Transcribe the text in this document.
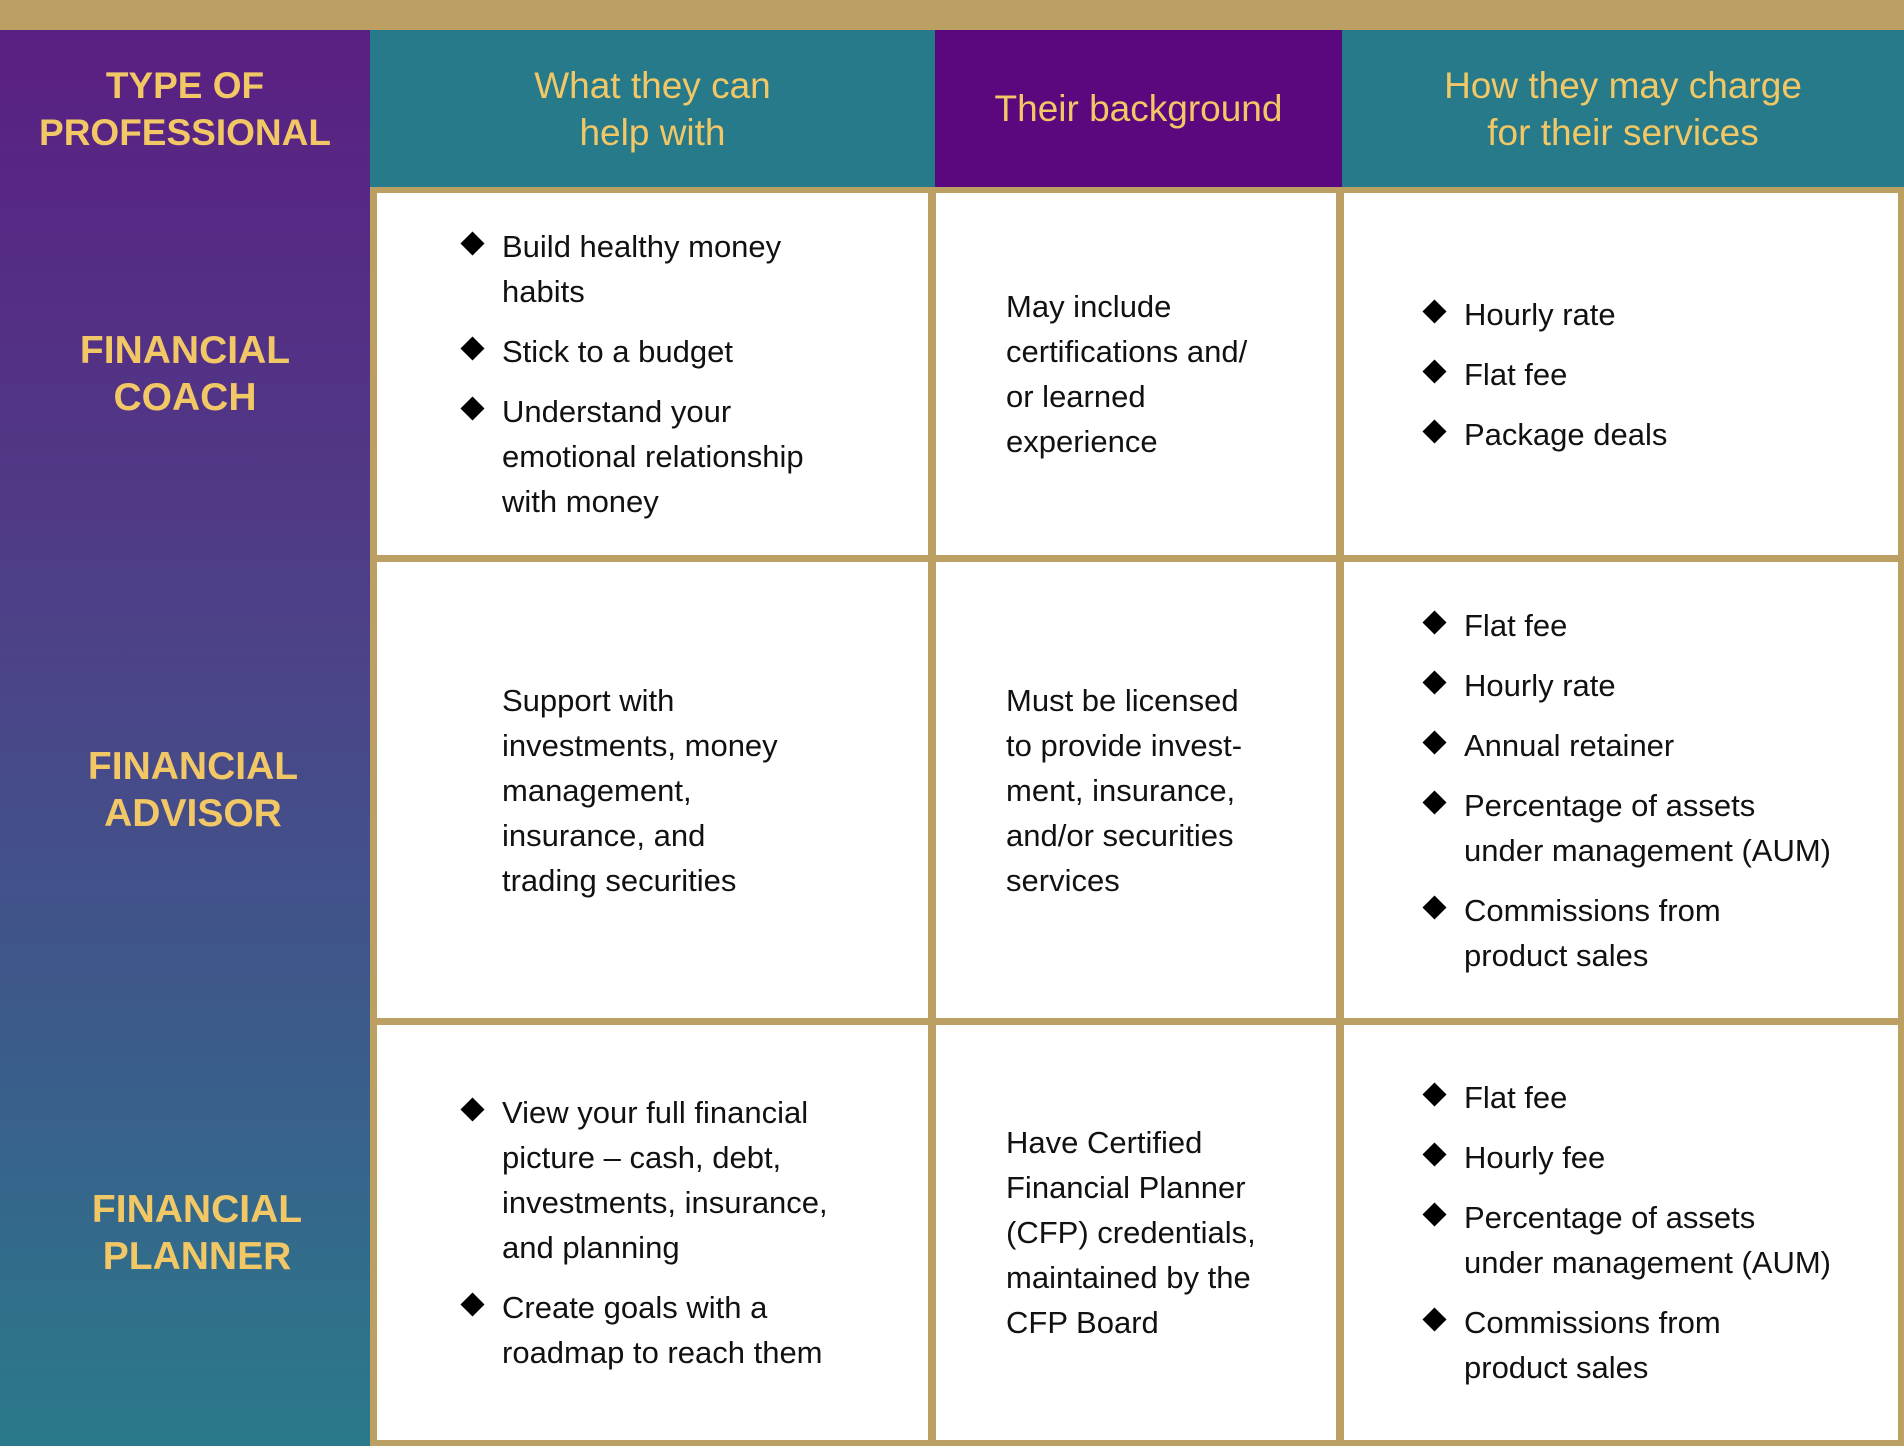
TYPE OF
PROFESSIONAL
What they can
help with
Their background
How they may charge
for their services
FINANCIAL
COACH
FINANCIAL
ADVISOR
FINANCIAL
PLANNER
Build healthy money
habits
Stick to a budget
Understand your
emotional relationship
with money

May include
certifications and/
or learned
experience

Hourly rate
Flat fee
Package deals

Support with
investments, money
management,
insurance, and
trading securities

Must be licensed
to provide invest-
ment, insurance,
and/or securities
services

Flat fee
Hourly rate
Annual retainer
Percentage of assets
under management (AUM)
Commissions from
product sales
View your full financial
picture – cash, debt,
investments, insurance,
and planning
Create goals with a
roadmap to reach them

Have Certified
Financial Planner
(CFP) credentials,
maintained by the
CFP Board

Flat fee
Hourly fee
Percentage of assets
under management (AUM)
Commissions from
product sales
